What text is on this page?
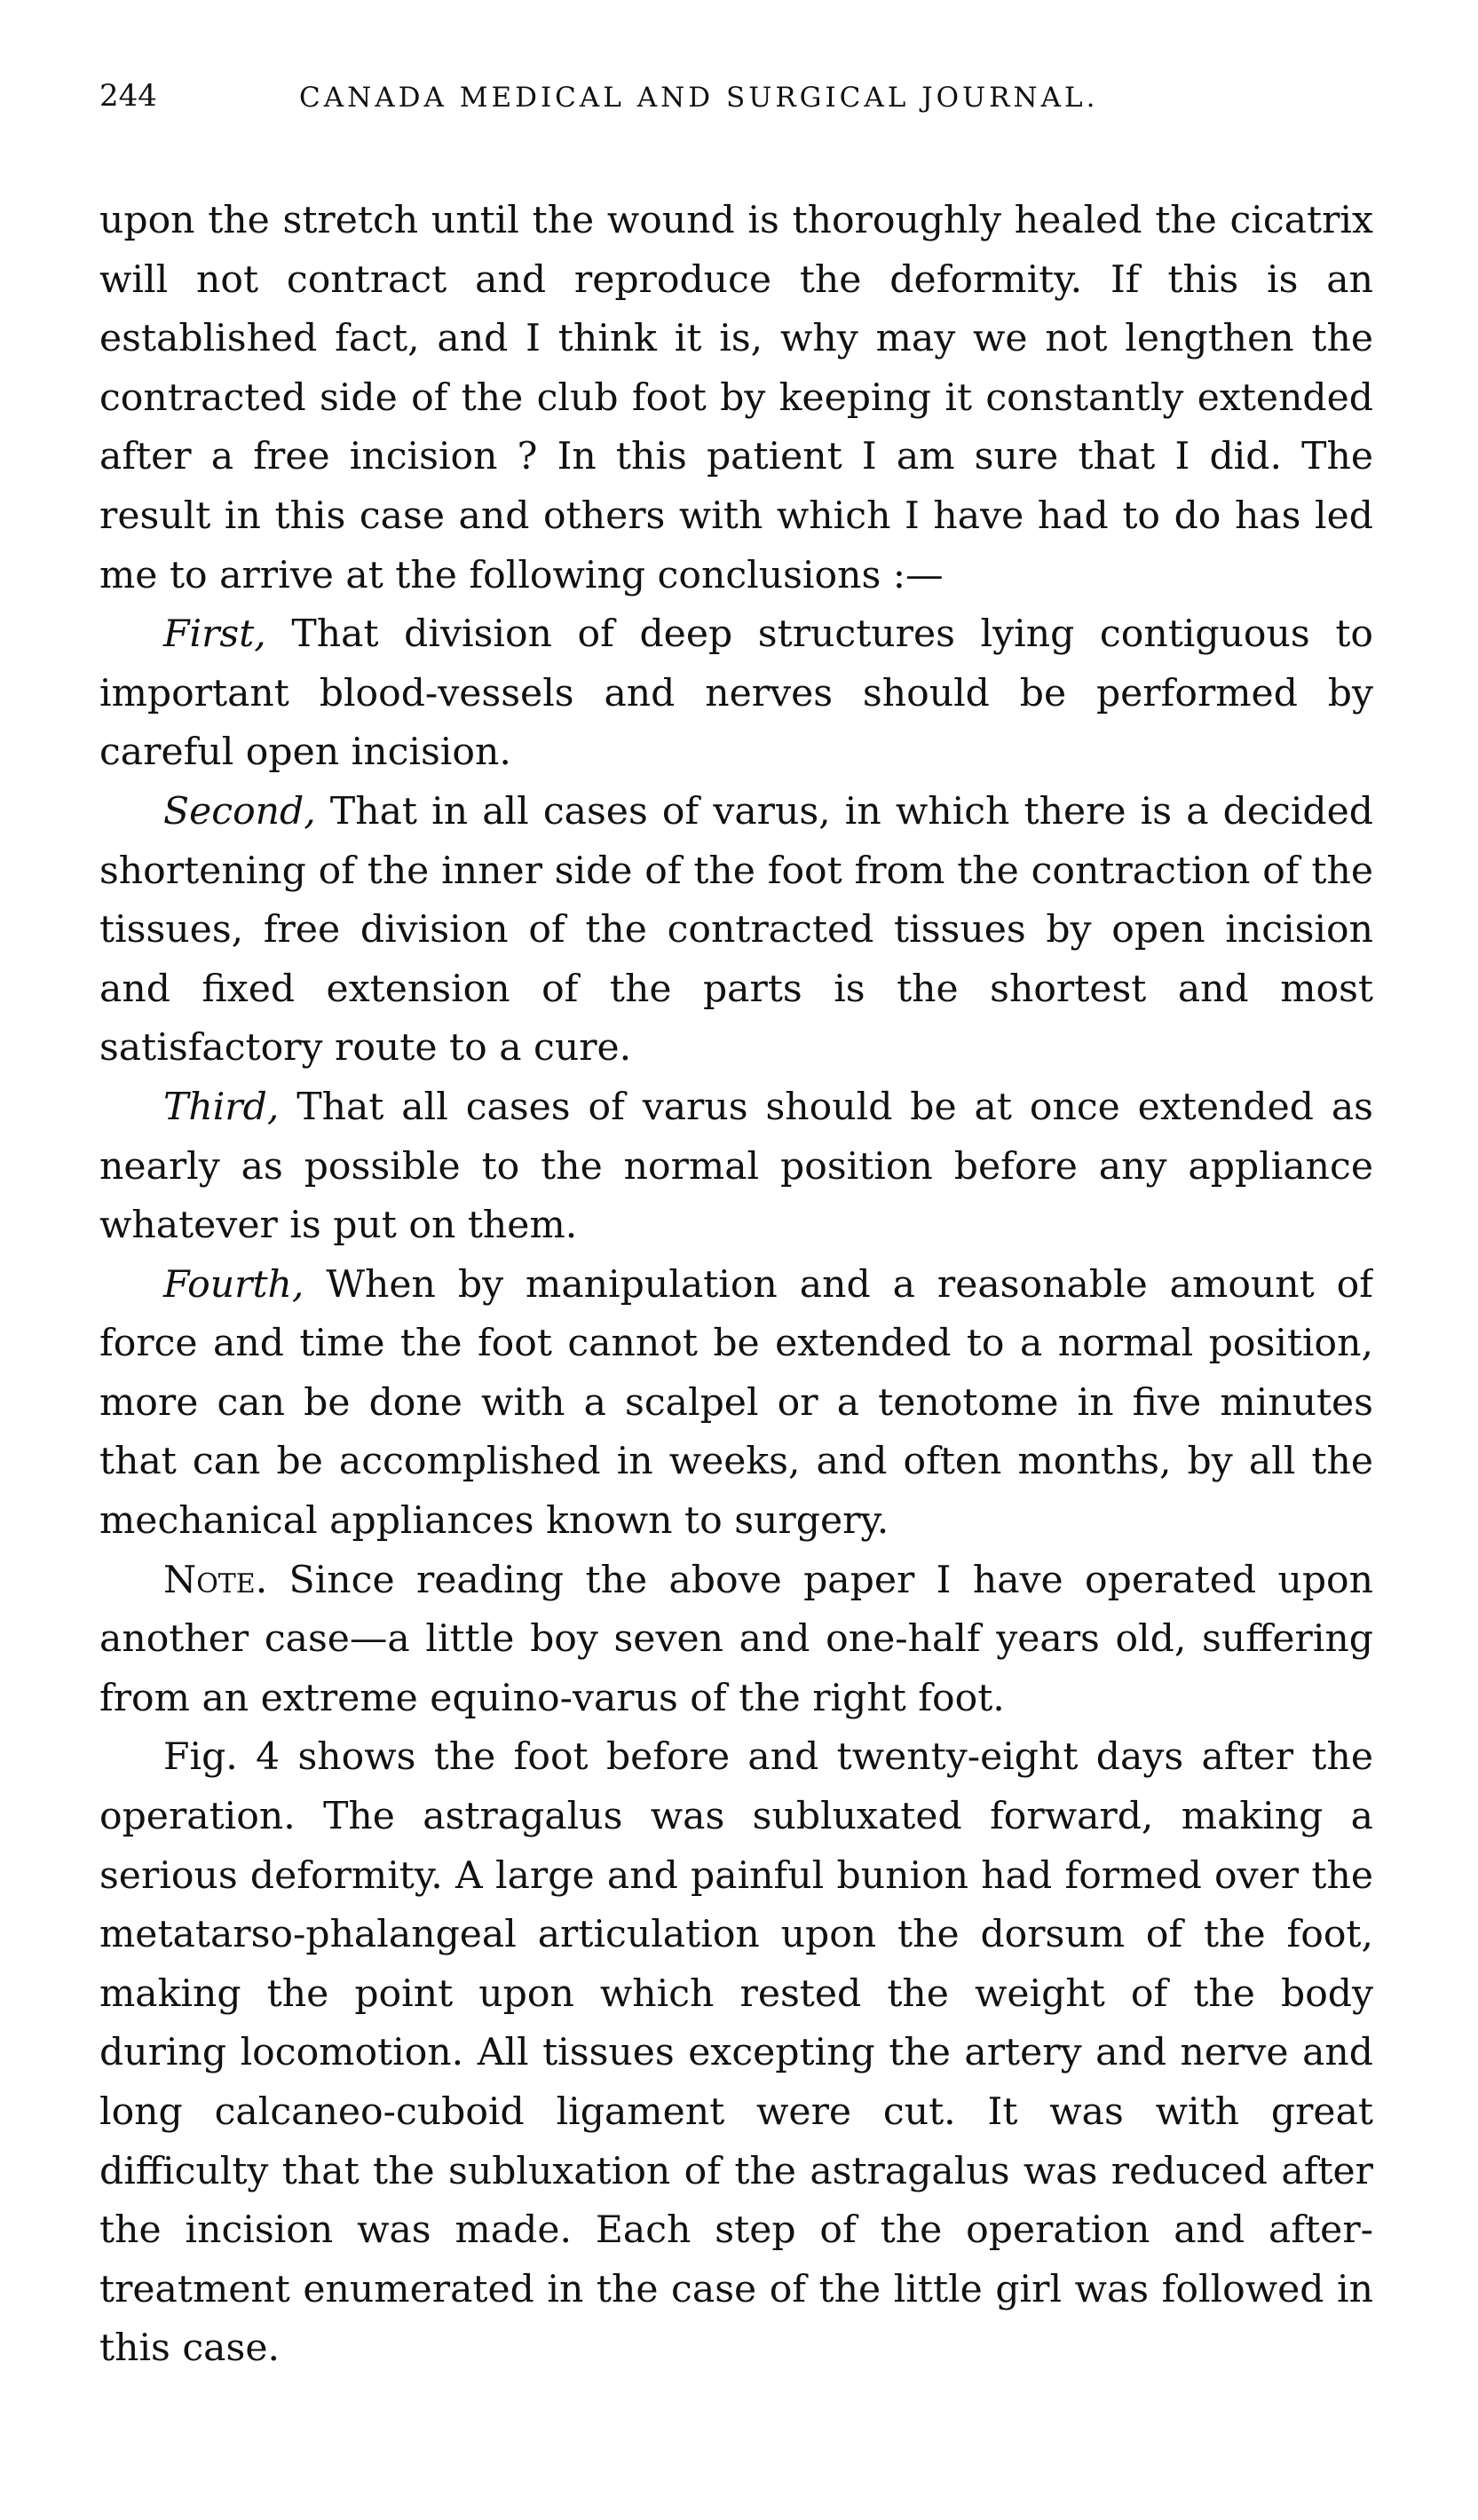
244	CANADA MEDICAL AND SURGICAL JOURNAL.

upon the stretch until the wound is thoroughly healed the cicatrix will not contract and reproduce the deformity. If this is an established fact, and I think it is, why may we not lengthen the contracted side of the club foot by keeping it constantly extended after a free incision ? In this patient I am sure that I did. The result in this case and others with which I have had to do has led me to arrive at the following conclusions :—

First, That division of deep structures lying contiguous to important blood-vessels and nerves should be performed by careful open incision.

Second, That in all cases of varus, in which there is a decided shortening of the inner side of the foot from the contraction of the tissues, free division of the contracted tissues by open incision and fixed extension of the parts is the shortest and most satisfactory route to a cure.

Third, That all cases of varus should be at once extended as nearly as possible to the normal position before any appliance whatever is put on them.

Fourth, When by manipulation and a reasonable amount of force and time the foot cannot be extended to a normal position, more can be done with a scalpel or a tenotome in five minutes that can be accomplished in weeks, and often months, by all the mechanical appliances known to surgery.

Note. Since reading the above paper I have operated upon another case—a little boy seven and one-half years old, suffering from an extreme equino-varus of the right foot.

Fig. 4 shows the foot before and twenty-eight days after the operation. The astragalus was subluxated forward, making a serious deformity. A large and painful bunion had formed over the metatarso-phalangeal articulation upon the dorsum of the foot, making the point upon which rested the weight of the body during locomotion. All tissues excepting the artery and nerve and long calcaneo-cuboid ligament were cut. It was with great difficulty that the subluxation of the astragalus was reduced after the incision was made. Each step of the operation and after-treatment enumerated in the case of the little girl was followed in this case.
